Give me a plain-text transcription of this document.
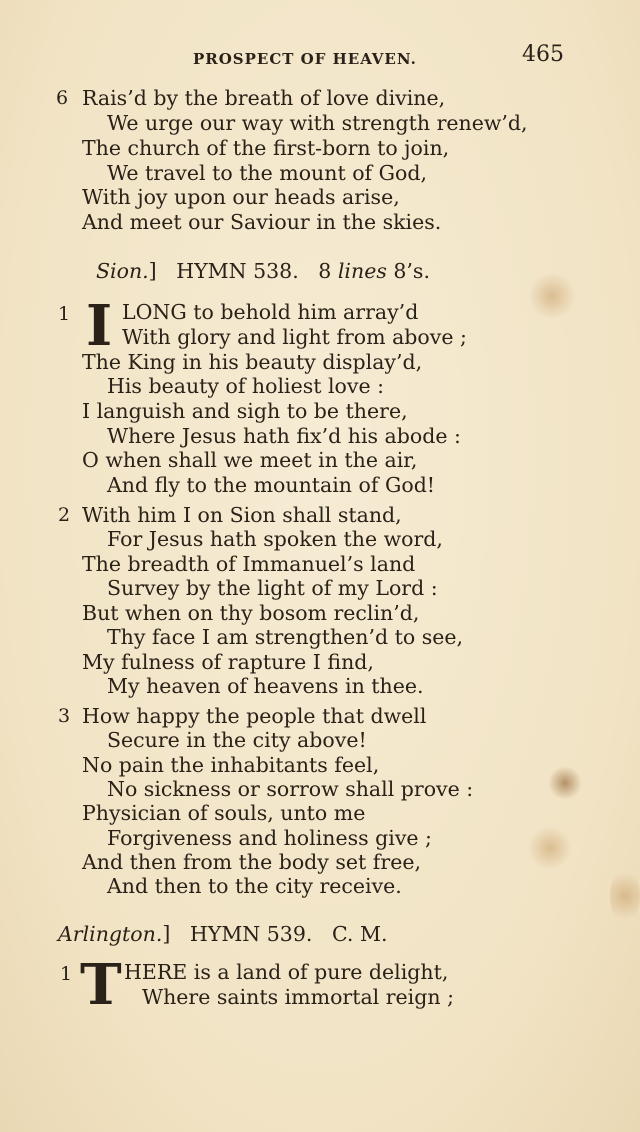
PROSPECT OF HEAVEN.	465
6 Rais’d by the breath of love divine,
We urge our way with strength renew’d,
The church of the first-born to join,
We travel to the mount of God,
With joy upon our heads arise,
And meet our Saviour in the skies.
Sion.] HYMN 538. 8 lines 8’s.
1 I LONG to behold him array’d
With glory and light from above ;
The King in his beauty display’d,
His beauty of holiest love :
I languish and sigh to be there,
Where Jesus hath fix’d his abode :
O when shall we meet in the air,
And fly to the mountain of God!
2 With him I on Sion shall stand,
For Jesus hath spoken the word,
The breadth of Immanuel’s land
Survey by the light of my Lord :
But when on thy bosom reclin’d,
Thy face I am strengthen’d to see,
My fulness of rapture I find,
My heaven of heavens in thee.
3 How happy the people that dwell
Secure in the city above!
No pain the inhabitants feel,
No sickness or sorrow shall prove :
Physician of souls, unto me
Forgiveness and holiness give ;
And then from the body set free,
And then to the city receive.
Arlington.] HYMN 539. C. M.
1 T HERE is a land of pure delight,
Where saints immortal reign ;
